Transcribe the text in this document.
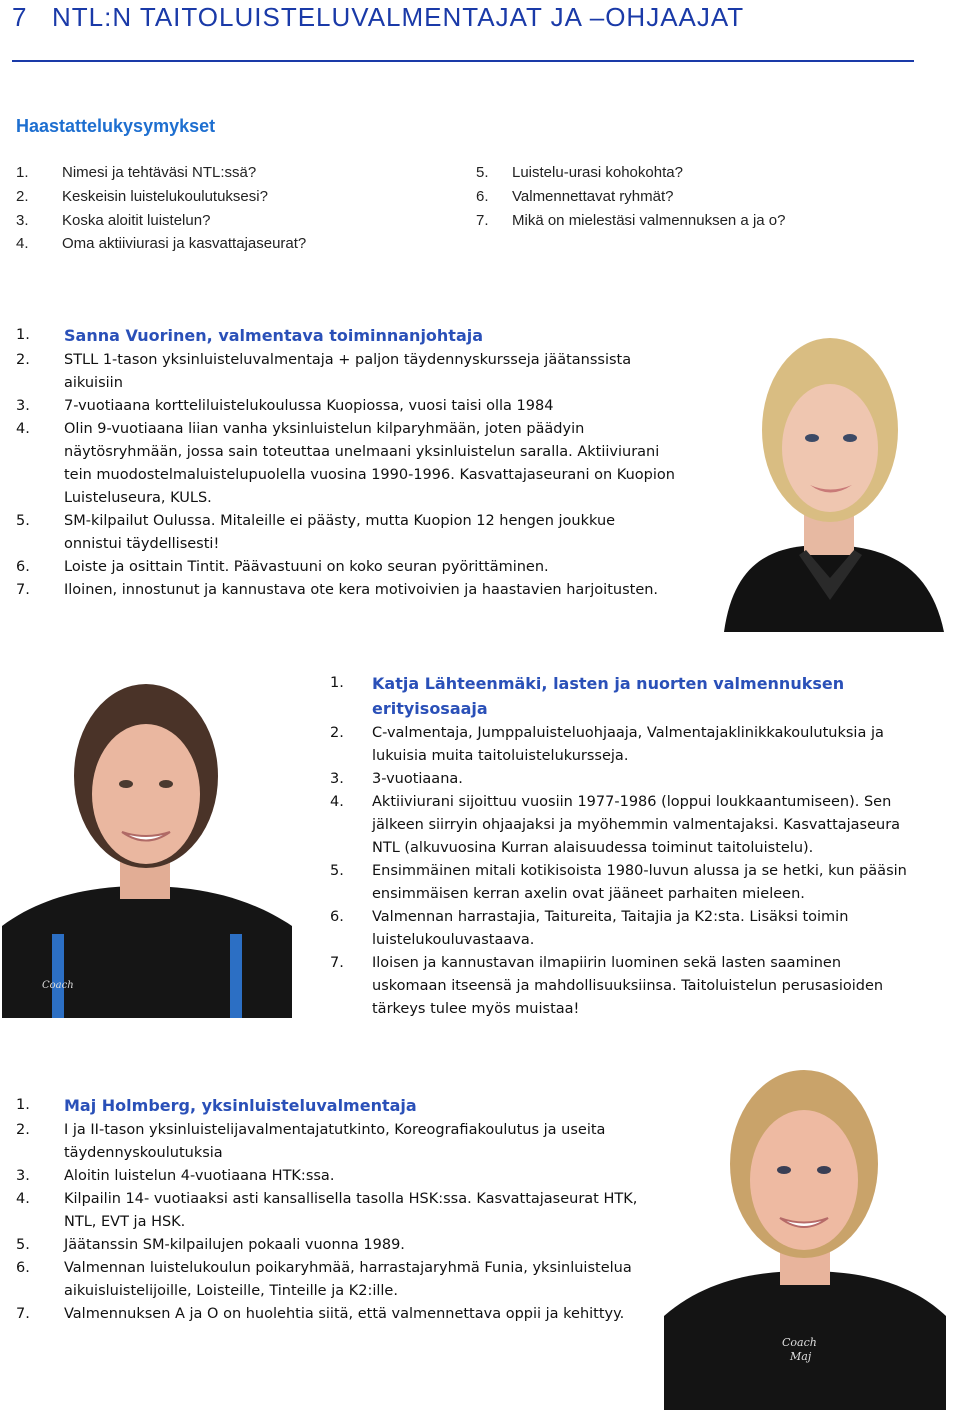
7 NTL:N TAITOLUISTELUVALMENTAJAT JA –OHJAAJAT
Haastattelukysymykset
1. Nimesi ja tehtäväsi NTL:ssä?
2. Keskeisin luistelukoulutuksesi?
3. Koska aloitit luistelun?
4. Oma aktiiviurasi ja kasvattajaseurat?
5. Luistelu-urasi kohokohta?
6. Valmennettavat ryhmät?
7. Mikä on mielestäsi valmennuksen a ja o?
1. Sanna Vuorinen, valmentava toiminnanjohtaja
2. STLL 1-tason yksinluisteluvalmentaja + paljon täydennyskursseja jäätanssista aikuisiin
3. 7-vuotiaana kortteliluistelukoulussa Kuopiossa, vuosi taisi olla 1984
4. Olin 9-vuotiaana liian vanha yksinluistelun kilparyhmään, joten päädyin näytösryhmään, jossa sain toteuttaa unelmaani yksinluistelun saralla. Aktiiviurani tein muodostelmaluistelupuolella vuosina 1990-1996. Kasvattajaseurani on Kuopion Luisteluseura, KULS.
5. SM-kilpailut Oulussa. Mitaleille ei päästy, mutta Kuopion 12 hengen joukkue onnistui täydellisesti!
6. Loiste ja osittain Tintit. Päävastuuni on koko seuran pyörittäminen.
7. Iloinen, innostunut ja kannustava ote kera motivoivien ja haastavien harjoitusten.
Coach
1. Katja Lähteenmäki, lasten ja nuorten valmennuksen erityisosaaja
2. C-valmentaja, Jumppaluisteluohjaaja, Valmentajaklinikkakoulutuksia ja lukuisia muita taitoluistelukursseja.
3. 3-vuotiaana.
4. Aktiiviurani sijoittuu vuosiin 1977-1986 (loppui loukkaantumiseen). Sen jälkeen siirryin ohjaajaksi ja myöhemmin valmentajaksi. Kasvattajaseura NTL (alkuvuosina Kurran alaisuudessa toiminut taitoluistelu).
5. Ensimmäinen mitali kotikisoista 1980-luvun alussa ja se hetki, kun pääsin ensimmäisen kerran axelin ovat jääneet parhaiten mieleen.
6. Valmennan harrastajia, Taitureita, Taitajia ja K2:sta. Lisäksi toimin luistelukouluvastaava.
7. Iloisen ja kannustavan ilmapiirin luominen sekä lasten saaminen uskomaan itseensä ja mahdollisuuksiinsa. Taitoluistelun perusasioiden tärkeys tulee myös muistaa!
1. Maj Holmberg, yksinluisteluvalmentaja
2. I ja II-tason yksinluistelijavalmentajatutkinto, Koreografiakoulutus ja useita täydennyskoulutuksia
3. Aloitin luistelun 4-vuotiaana HTK:ssa.
4. Kilpailin 14- vuotiaaksi asti kansallisella tasolla HSK:ssa. Kasvattajaseurat HTK, NTL, EVT ja HSK.
5. Jäätanssin SM-kilpailujen pokaali vuonna 1989.
6. Valmennan luistelukoulun poikaryhmää, harrastajaryhmä Funia, yksinluistelua aikuisluistelijoille, Loisteille, Tinteille ja K2:ille.
7. Valmennuksen A ja O on huolehtia siitä, että valmennettava oppii ja kehittyy.
Coach
Maj
